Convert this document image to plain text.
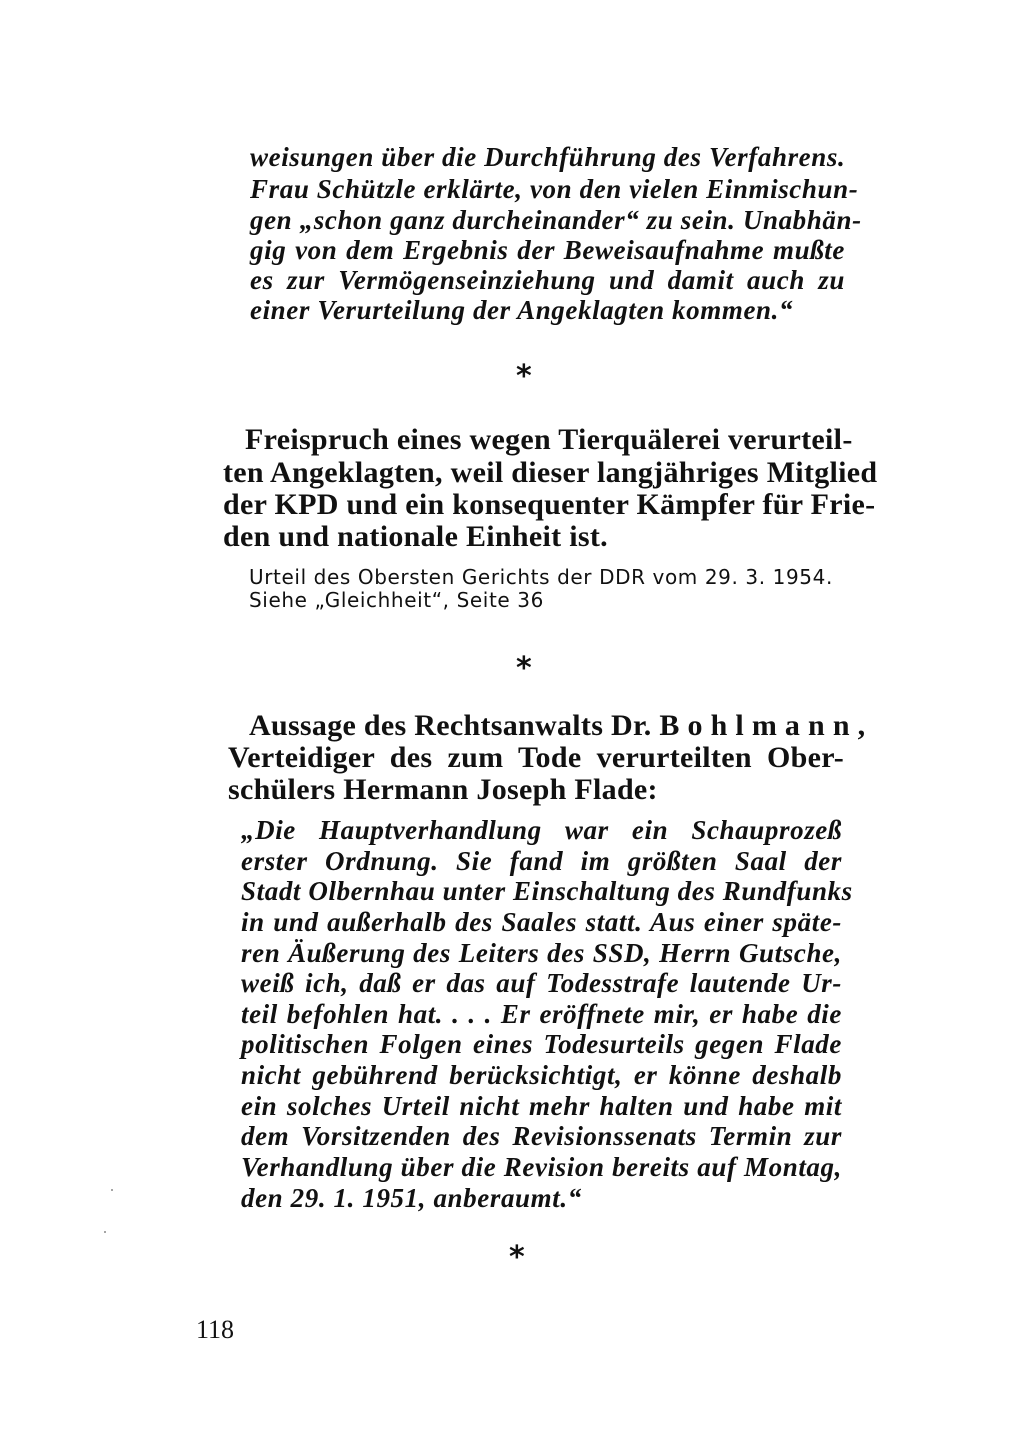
weisungen über die Durchführung des Verfahrens.

Frau Schützle erklärte, von den vielen Einmischun-

gen „schon ganz durcheinander“ zu sein. Unabhän-

gig von dem Ergebnis der Beweisaufnahme mußte

es zur Vermögenseinziehung und damit auch zu

einer Verurteilung der Angeklagten kommen.“

*

Freispruch eines wegen Tierquälerei verurteil-

ten Angeklagten, weil dieser langjähriges Mitglied

der KPD und ein konsequenter Kämpfer für Frie-

den und nationale Einheit ist.

Urteil des Obersten Gerichts der DDR vom 29. 3. 1954.

Siehe „Gleichheit“, Seite 36

*

Aussage des Rechtsanwalts Dr. B o h l m a n n ,

Verteidiger des zum Tode verurteilten Ober-

schülers Hermann Joseph Flade:

„Die Hauptverhandlung war ein Schauprozeß

erster Ordnung. Sie fand im größten Saal der

Stadt Olbernhau unter Einschaltung des Rundfunks

in und außerhalb des Saales statt. Aus einer späte-

ren Äußerung des Leiters des SSD, Herrn Gutsche,

weiß ich, daß er das auf Todesstrafe lautende Ur-

teil befohlen hat. . . . Er eröffnete mir, er habe die

politischen Folgen eines Todesurteils gegen Flade

nicht gebührend berücksichtigt, er könne deshalb

ein solches Urteil nicht mehr halten und habe mit

dem Vorsitzenden des Revisionssenats Termin zur

Verhandlung über die Revision bereits auf Montag,

den 29. 1. 1951, anberaumt.“

*
118
